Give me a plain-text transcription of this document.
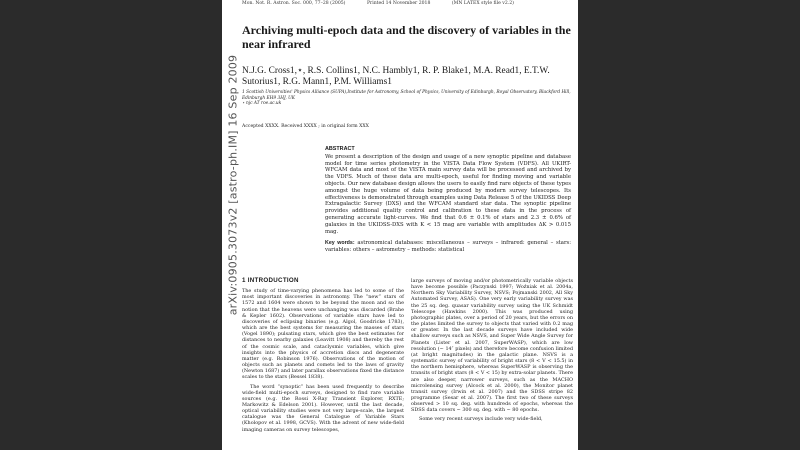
Mon. Not. R. Astron. Soc. 000, 77–28 (2005)	Printed 14 November 2018	(MN LATEX style file v2.2)
arXiv:0905.3073v2 [astro-ph.IM] 16 Sep 2009
Archiving multi-epoch data and the discovery of variables in the near infrared
N.J.G. Cross1,⋆, R.S. Collins1, N.C. Hambly1, R. P. Blake1, M.A. Read1, E.T.W. Sutorius1, R.G. Mann1, P.M. Williams1

1 Scottish Universities' Physics Alliance (SUPA),Institute for Astronomy, School of Physics, University of Edinburgh, Royal Observatory, Blackford Hill, Edinburgh EH9 3HJ, UK

⋆ njc AT roe.ac.uk

Accepted XXXX. Received XXXX ; in original form XXX
ABSTRACT

We present a description of the design and usage of a new synoptic pipeline and database model for time series photometry in the VISTA Data Flow System (VDFS). All UKIRT-WFCAM data and most of the VISTA main survey data will be processed and archived by the VDFS. Much of these data are multi-epoch, useful for finding moving and variable objects. Our new database design allows the users to easily find rare objects of these types amongst the huge volume of data being produced by modern survey telescopes. Its effectiveness is demonstrated through examples using Data Release 5 of the UKIDSS Deep Extragalactic Survey (DXS) and the WFCAM standard star data. The synoptic pipeline provides additional quality control and calibration to these data in the process of generating accurate light-curves. We find that 0.6 ± 0.1% of stars and 2.3 ± 0.6% of galaxies in the UKIDSS-DXS with K < 15 mag are variable with amplitudes ΔK > 0.015 mag.

Key words: astronomical databases: miscellaneous – surveys – infrared: general – stars: variables: others – astrometry – methods: statistical
1 INTRODUCTION

The study of time-varying phenomena has led to some of the most important discoveries in astronomy. The “new” stars of 1572 and 1604 were shown to be beyond the moon and so the notion that the heavens were unchanging was discarded (Brahe & Kepler 1602). Observations of variable stars have led to discoveries of eclipsing binaries (e.g. Algol, Goodricke 1783), which are the best systems for measuring the masses of stars (Vogel 1890); pulsating stars, which give the best estimates for distances to nearby galaxies (Leavitt 1908) and thereby the rest of the cosmic scale, and cataclysmic variables, which give insights into the physics of accretion discs and degenerate matter (e.g. Robinson 1976). Observations of the motion of objects such as planets and comets led to the laws of gravity (Newton 1687) and later parallax observations fixed the distance scales to the stars (Bessel 1838).

The word “synoptic” has been used frequently to describe wide-field multi-epoch surveys, designed to find rare variable sources (e.g. the Rossi X-Ray Transient Explorer, RXTE; Markowitz & Edelson 2001). However, until the last decade, optical variability studies were not very large-scale, the largest catalogue was the General Catalogue of Variable Stars (Kholopov et al. 1998, GCVS). With the advent of new wide-field imaging cameras on survey telescopes,

large surveys of moving and/or photometrically variable objects have become possible (Paczynski 1997; Woźniak et al. 2004a, Northern Sky Variability Survey, NSVS; Pojmanski 2002, All Sky Automated Survey, ASAS). One very early variability survey was the 25 sq. deg. quasar variability survey using the UK Schmidt Telescope (Hawkins 2000). This was produced using photographic plates, over a period of 20 years, but the errors on the plates limited the survey to objects that varied with 0.2 mag or greater. In the last decade surveys have included wide shallow surveys such as NSVS, and Super Wide Angle Survey for Planets (Lister et al. 2007, SuperWASP), which are low resolution (∼ 14″ pixels) and therefore become confusion limited (at bright magnitudes) in the galactic plane. NSVS is a systematic survey of variability of bright stars (8 < V < 15.5) in the northern hemisphere, whereas SuperWASP is observing the transits of bright stars (8 < V < 15) by extra-solar planets. There are also deeper, narrower surveys, such as the MACHO microlensing survey (Alcock et al. 2000), the Monitor planet transit survey (Irwin et al. 2007) and the SDSS stripe 82 programme (Sesar et al. 2007). The first two of these surveys observed > 10 sq. deg. with hundreds of epochs, whereas the SDSS data covers ∼ 300 sq. deg. with ∼ 80 epochs.

Some very recent surveys include very wide-field,
